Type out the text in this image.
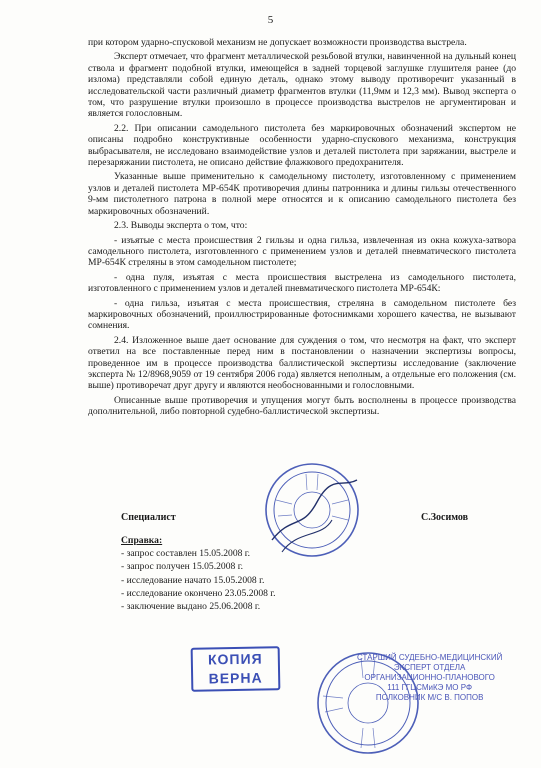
5

при котором ударно-спусковой механизм не допускает возможности производства выстрела.

Эксперт отмечает, что фрагмент металлической резьбовой втулки, навинченной на дульный конец ствола и фрагмент подобной втулки, имеющейся в задней торцевой заглушке глушителя ранее (до излома) представляли собой единую деталь, однако этому выводу противоречит указанный в исследовательской части различный диаметр фрагментов втулки (11,9мм и 12,3 мм). Вывод эксперта о том, что разрушение втулки произошло в процессе производства выстрелов не аргументирован и является голословным.

2.2. При описании самодельного пистолета без маркировочных обозначений экспертом не описаны подробно конструктивные особенности ударно-спускового механизма, конструкция выбрасывателя, не исследовано взаимодействие узлов и деталей пистолета при заряжании, выстреле и перезаряжании пистолета, не описано действие флажкового предохранителя.

Указанные выше применительно к самодельному пистолету, изготовленному с применением узлов и деталей пистолета МР-654К противоречия длины патронника и длины гильзы отечественного 9-мм пистолетного патрона в полной мере относятся и к описанию самодельного пистолета без маркировочных обозначений.

2.3. Выводы эксперта о том, что:

- изъятые с места происшествия 2 гильзы и одна гильза, извлеченная из окна кожуха-затвора самодельного пистолета, изготовленного с применением узлов и деталей пневматического пистолета МР-654К стреляны в этом самодельном пистолете;

- одна пуля, изъятая с места происшествия выстрелена из самодельного пистолета, изготовленного с применением узлов и деталей пневматического пистолета МР-654К:

- одна гильза, изъятая с места происшествия, стреляна в самодельном пистолете без маркировочных обозначений, проиллюстрированные фотоснимками хорошего качества, не вызывают сомнения.

2.4. Изложенное выше дает основание для суждения о том, что несмотря на факт, что эксперт ответил на все поставленные перед ним в постановлении о назначении экспертизы вопросы, проведенное им в процессе производства баллистической экспертизы исследование (заключение эксперта № 12/8968,9059 от 19 сентября 2006 года) является неполным, а отдельные его положения (см. выше) противоречат друг другу и являются необоснованными и голословными.

Описанные выше противоречия и упущения могут быть восполнены в процессе производства дополнительной, либо повторной судебно-баллистической экспертизы.

Специалист	С.Зосимов
Справка:
- запрос составлен 15.05.2008 г.
- запрос получен 15.05.2008 г.
- исследование начато 15.05.2008 г.
- исследование окончено 23.05.2008 г.
- заключение выдано 25.06.2008 г.
КОПИЯ
ВЕРНА
СТАРШИЙ СУДЕБНО-МЕДИЦИНСКИЙ
ЭКСПЕРТ ОТДЕЛА
ОРГАНИЗАЦИОННО-ПЛАНОВОГО
111 ГГЦСМиКЭ МО РФ
ПОЛКОВНИК М/С В. ПОПОВ
